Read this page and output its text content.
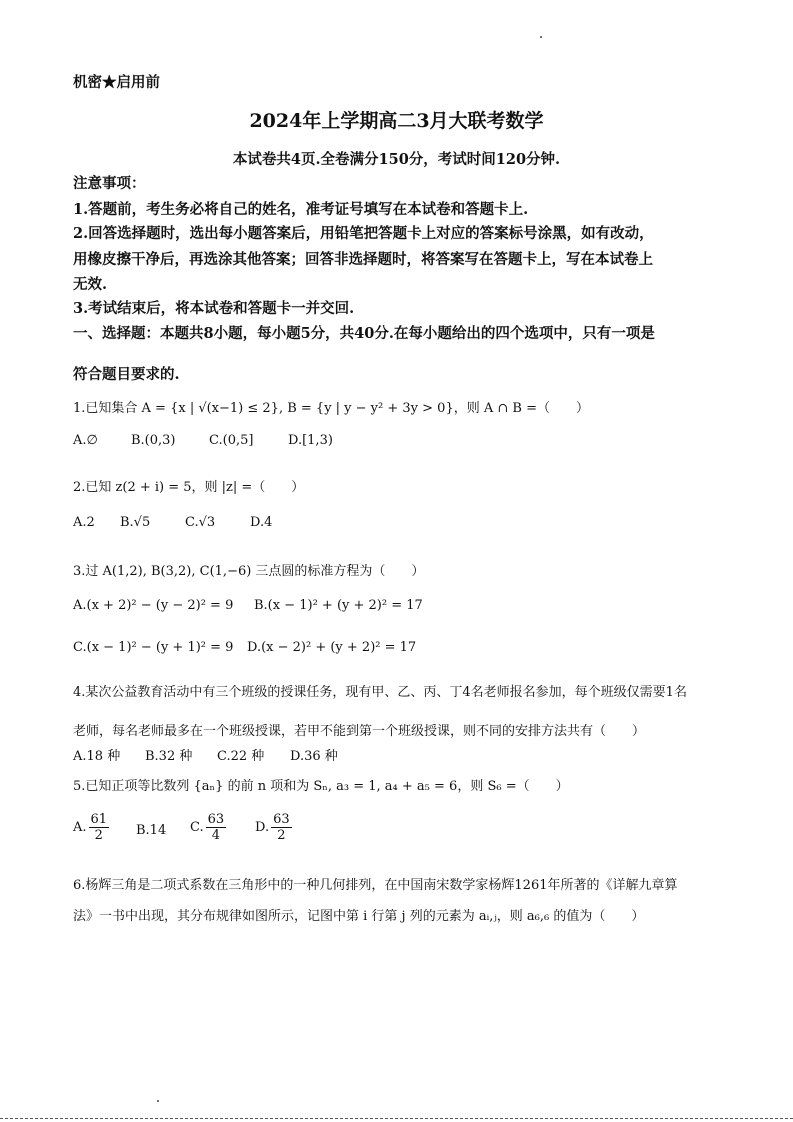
机密★启用前
2024年上学期高二3月大联考数学
本试卷共4页.全卷满分150分，考试时间120分钟.
注意事项：
1.答题前，考生务必将自己的姓名，准考证号填写在本试卷和答题卡上.
2.回答选择题时，选出每小题答案后，用铅笔把答题卡上对应的答案标号涂黑，如有改动，
用橡皮擦干净后，再选涂其他答案；回答非选择题时，将答案写在答题卡上，写在本试卷上
无效.
3.考试结束后，将本试卷和答题卡一并交回.
一、选择题：本题共8小题，每小题5分，共40分.在每小题给出的四个选项中，只有一项是
符合题目要求的.
1.已知集合 A = {x | √(x−1) ≤ 2}, B = {y | y − y² + 3y > 0}，则 A ∩ B =（　　）
A.∅	B.(0,3)	C.(0,5]	D.[1,3)
2.已知 z(2 + i) = 5，则 |z| =（　　）
A.2 B.√5	C.√3	D.4
3.过 A(1,2), B(3,2), C(1,−6) 三点圆的标准方程为（　　）
A.(x + 2)² − (y − 2)² = 9 B.(x − 1)² + (y + 2)² = 17
C.(x − 1)² − (y + 1)² = 9 D.(x − 2)² + (y + 2)² = 17
4.某次公益教育活动中有三个班级的授课任务，现有甲、乙、丙、丁4名老师报名参加，每个班级仅需要1名
老师，每名老师最多在一个班级授课，若甲不能到第一个班级授课，则不同的安排方法共有（　　）
A.18 种 B.32 种 C.22 种 D.36 种
5.已知正项等比数列 {aₙ} 的前 n 项和为 Sₙ, a₃ = 1, a₄ + a₅ = 6，则 S₆ =（　　）
A. $\frac{61}{2} B.14$ C. $\frac{63}{4} D$. $\frac{63}{2}$
6.杨辉三角是二项式系数在三角形中的一种几何排列，在中国南宋数学家杨辉1261年所著的《详解九章算
法》一书中出现，其分布规律如图所示，记图中第 i 行第 j 列的元素为 aᵢ,ⱼ，则 a₆,₆ 的值为（　　）
